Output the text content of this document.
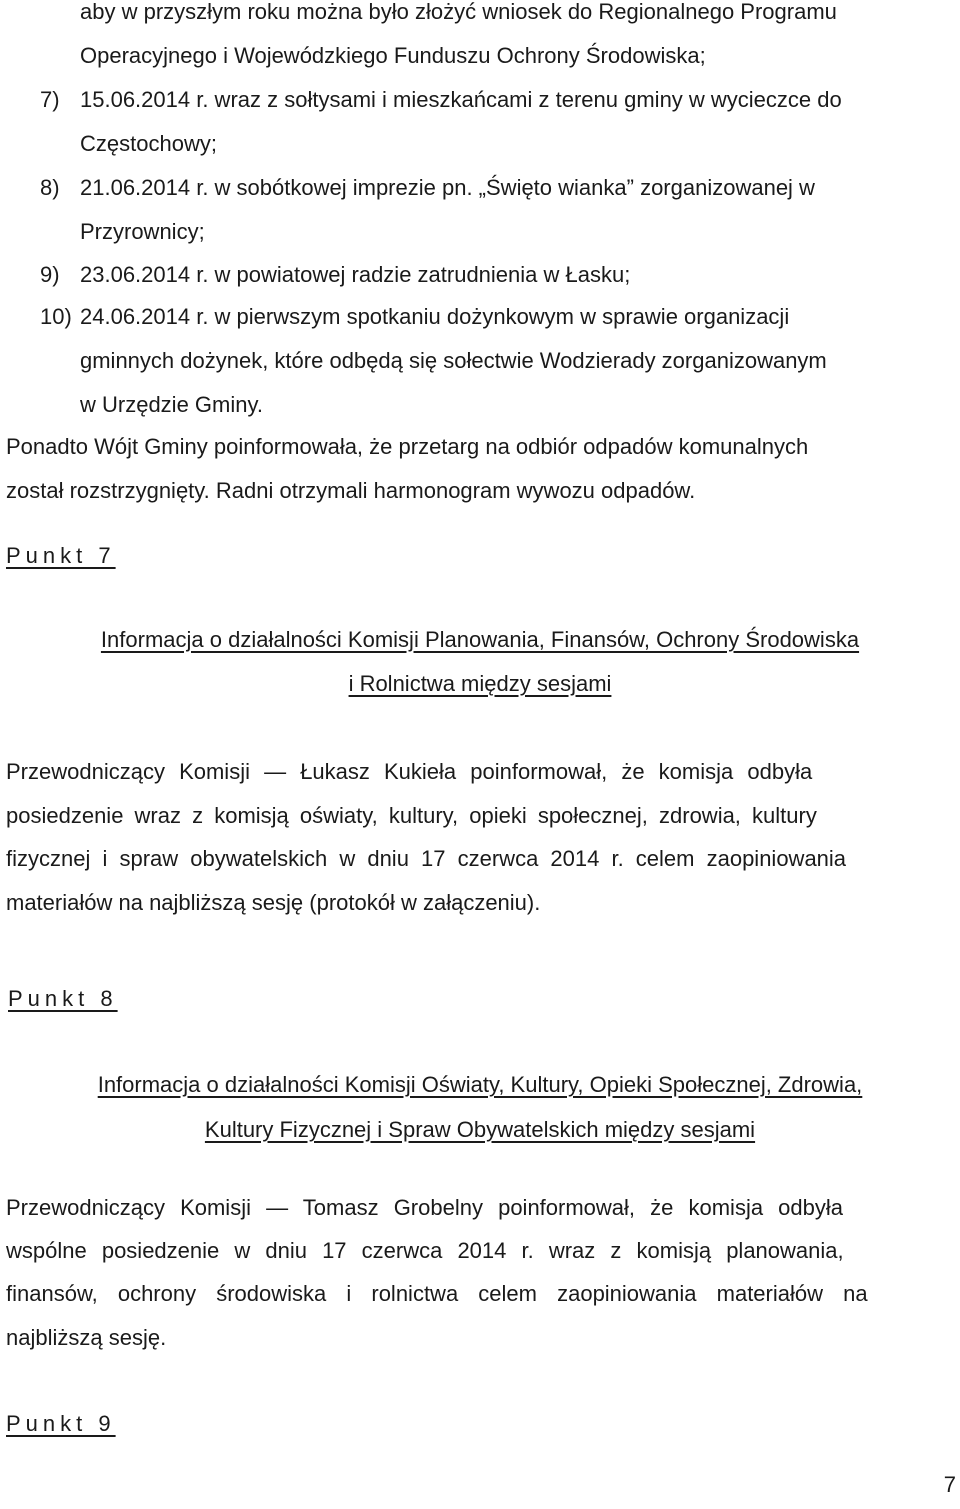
aby w przyszłym roku można było złożyć wniosek do Regionalnego Programu
Operacyjnego i Wojewódzkiego Funduszu Ochrony Środowiska;
7) 15.06.2014 r. wraz z sołtysami i mieszkańcami z terenu gminy w wycieczce do
Częstochowy;
8) 21.06.2014 r. w sobótkowej imprezie pn. „Święto wianka” zorganizowanej w
Przyrownicy;
9) 23.06.2014 r. w powiatowej radzie zatrudnienia w Łasku;
10) 24.06.2014 r. w pierwszym spotkaniu dożynkowym w sprawie organizacji
gminnych dożynek, które odbędą się sołectwie Wodzierady zorganizowanym
w Urzędzie Gminy.
Ponadto Wójt Gminy poinformowała, że przetarg na odbiór odpadów komunalnych
został rozstrzygnięty. Radni otrzymali harmonogram wywozu odpadów.
Punkt 7
Informacja o działalności Komisji Planowania, Finansów, Ochrony Środowiska
i Rolnictwa między sesjami
Przewodniczący Komisji — Łukasz Kukieła poinformował, że komisja odbyła
posiedzenie wraz z komisją oświaty, kultury, opieki społecznej, zdrowia, kultury
fizycznej i spraw obywatelskich w dniu 17 czerwca 2014 r. celem zaopiniowania
materiałów na najbliższą sesję (protokół w załączeniu).
Punkt 8
Informacja o działalności Komisji Oświaty, Kultury, Opieki Społecznej, Zdrowia,
Kultury Fizycznej i Spraw Obywatelskich między sesjami
Przewodniczący Komisji — Tomasz Grobelny poinformował, że komisja odbyła
wspólne posiedzenie w dniu 17 czerwca 2014 r. wraz z komisją planowania,
finansów, ochrony środowiska i rolnictwa celem zaopiniowania materiałów na
najbliższą sesję.
Punkt 9
7
